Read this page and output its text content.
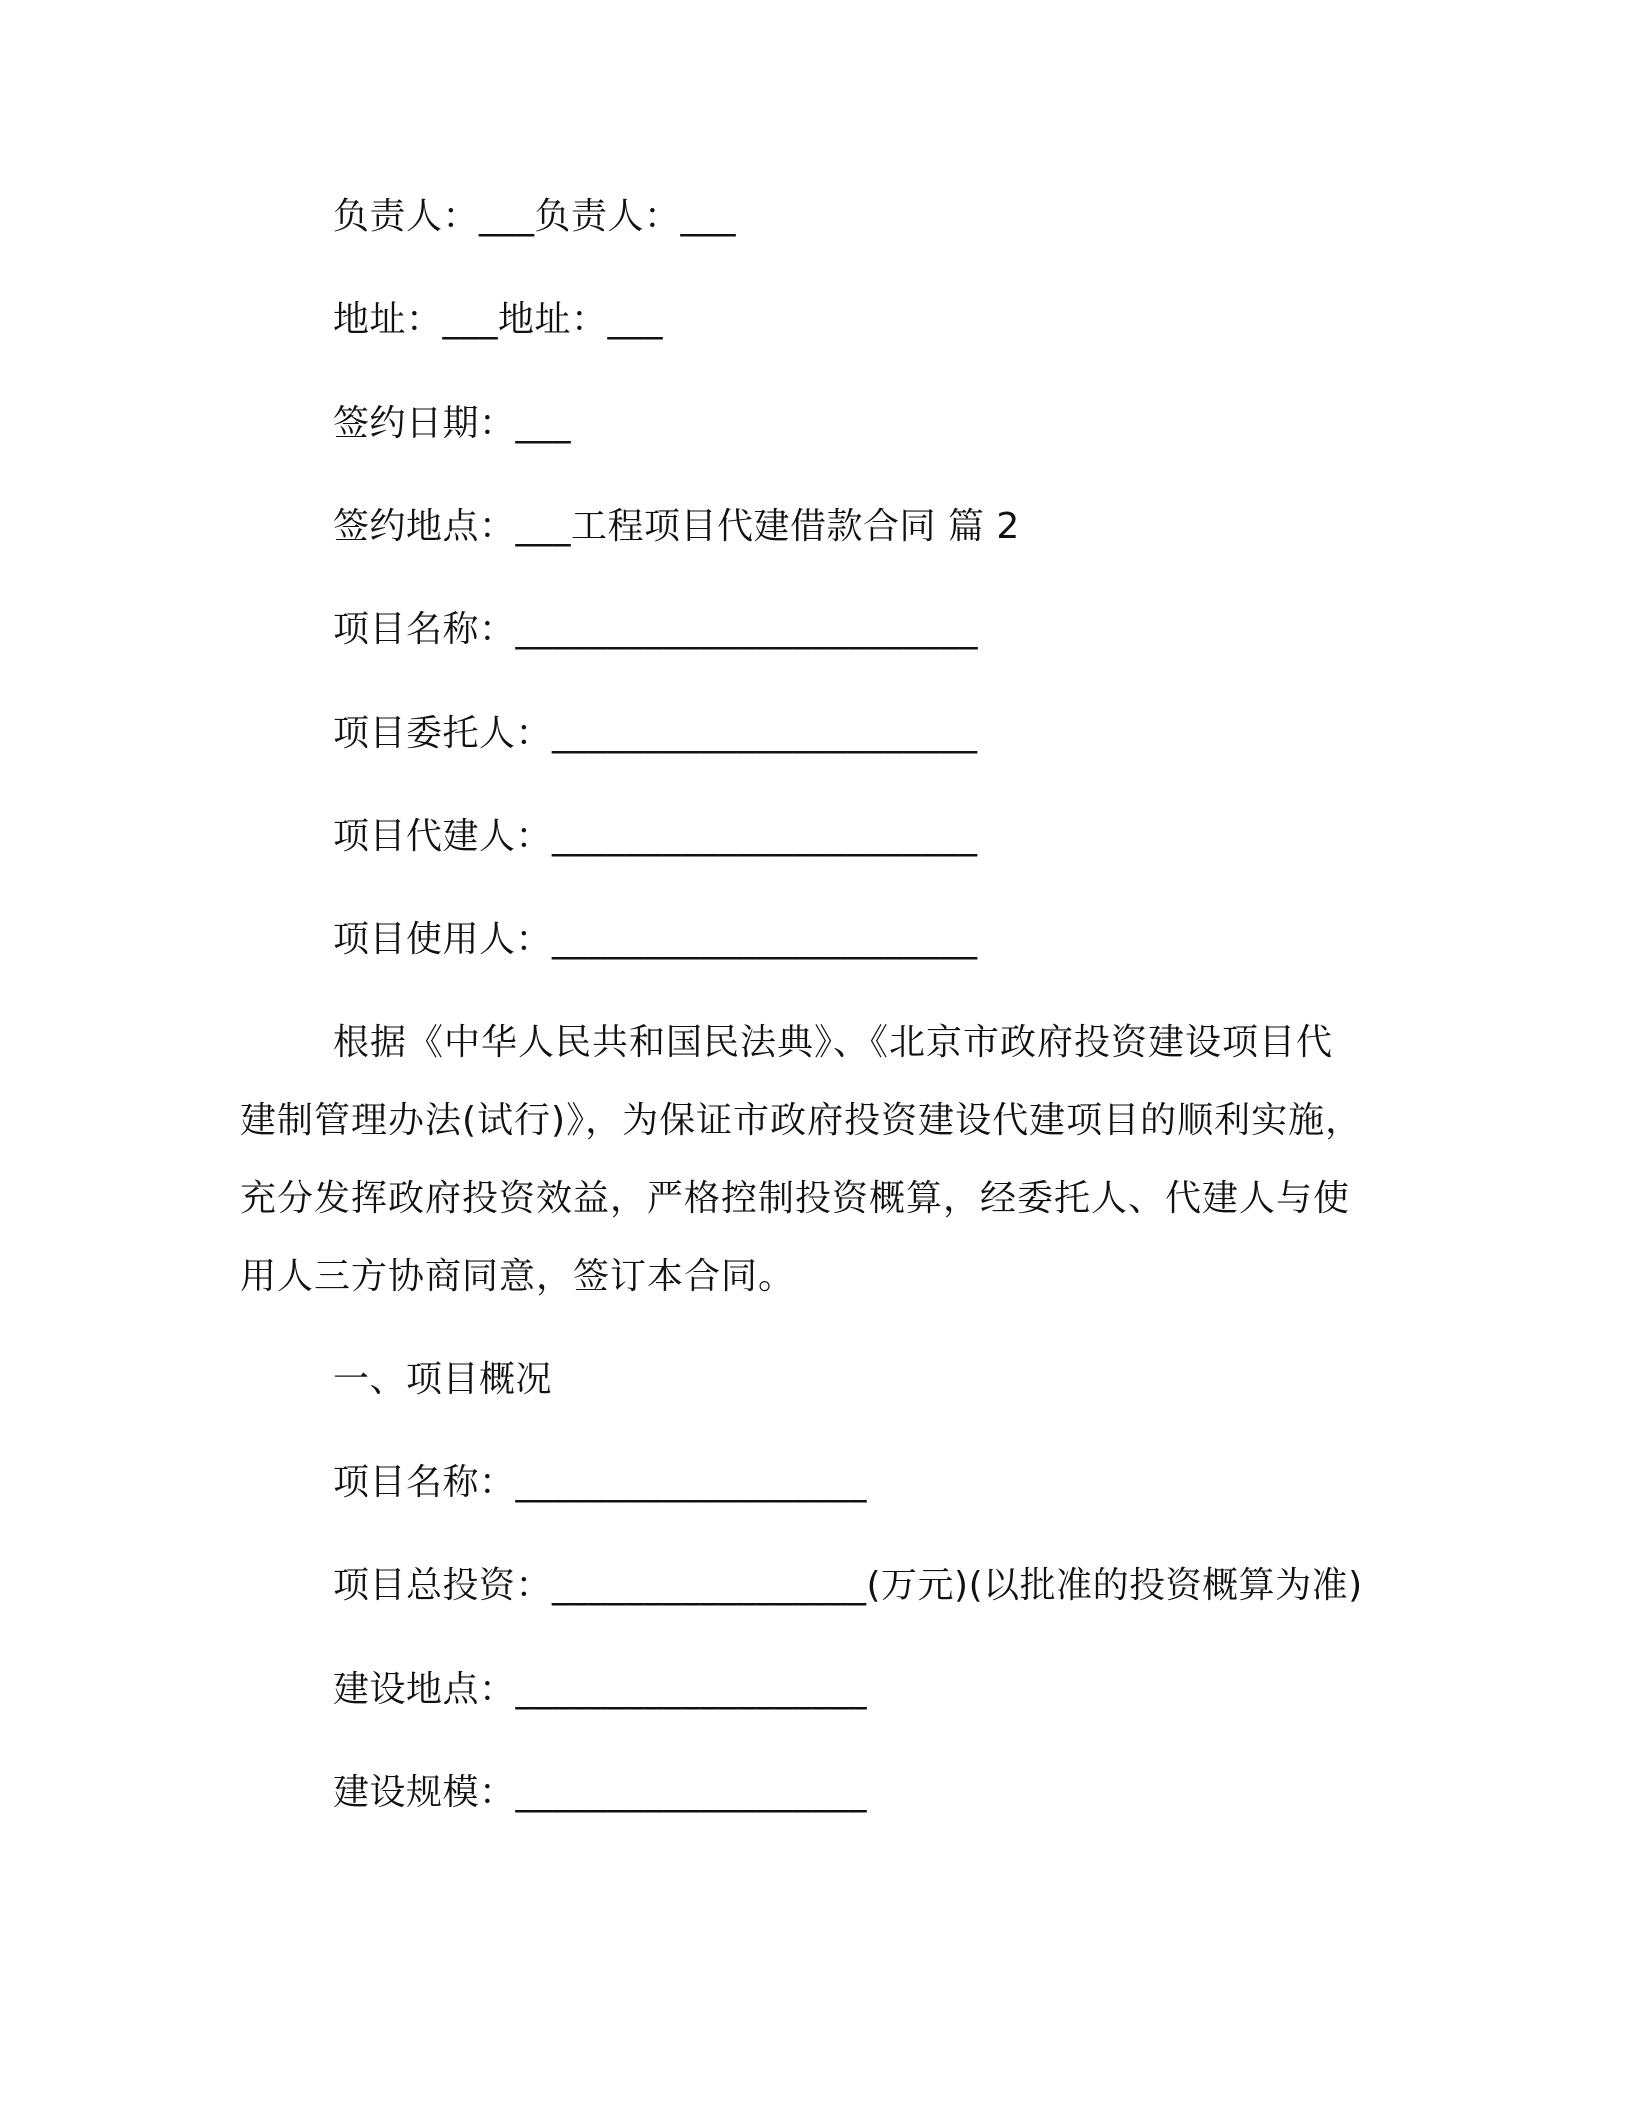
负责人：___负责人：___
地址：___地址：___
签约日期：___
签约地点：___工程项目代建借款合同 篇 2
项目名称：_________________________
项目委托人：_______________________
项目代建人：_______________________
项目使用人：_______________________
根据《中华人民共和国民法典》、《北京市政府投资建设项目代
建制管理办法(试行)》，为保证市政府投资建设代建项目的顺利实施，
充分发挥政府投资效益，严格控制投资概算，经委托人、代建人与使
用人三方协商同意，签订本合同。
一、项目概况
项目名称：___________________
项目总投资：_________________(万元)(以批准的投资概算为准)
建设地点：___________________
建设规模：___________________
